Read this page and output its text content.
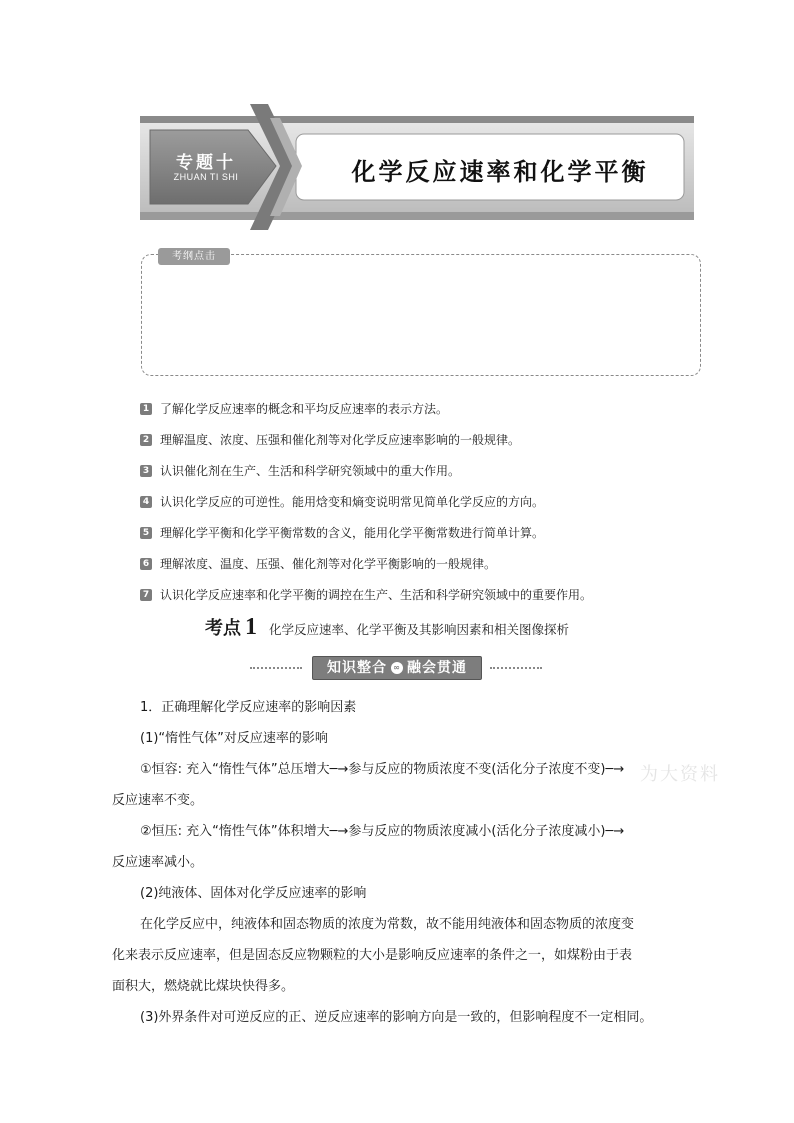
专题十
ZHUAN TI SHI	化学反应速率和化学平衡
考纲点击
1 了解化学反应速率的概念和平均反应速率的表示方法。
2 理解温度、浓度、压强和催化剂等对化学反应速率影响的一般规律。
3 认识催化剂在生产、生活和科学研究领域中的重大作用。
4 认识化学反应的可逆性。能用焓变和熵变说明常见简单化学反应的方向。
5 理解化学平衡和化学平衡常数的含义，能用化学平衡常数进行简单计算。
6 理解浓度、温度、压强、催化剂等对化学平衡影响的一般规律。
7 认识化学反应速率和化学平衡的调控在生产、生活和科学研究领域中的重要作用。
考点 1 化学反应速率、化学平衡及其影响因素和相关图像探析
知识整合 ∞ 融会贯通
为大资料

1．正确理解化学反应速率的影响因素

(1)“惰性气体”对反应速率的影响

①恒容: 充入“惰性气体”总压增大─→参与反应的物质浓度不变(活化分子浓度不变)─→

反应速率不变。

②恒压: 充入“惰性气体”体积增大─→参与反应的物质浓度减小(活化分子浓度减小)─→

反应速率减小。

(2)纯液体、固体对化学反应速率的影响

在化学反应中，纯液体和固态物质的浓度为常数，故不能用纯液体和固态物质的浓度变

化来表示反应速率，但是固态反应物颗粒的大小是影响反应速率的条件之一，如煤粉由于表

面积大，燃烧就比煤块快得多。

(3)外界条件对可逆反应的正、逆反应速率的影响方向是一致的，但影响程度不一定相同。
